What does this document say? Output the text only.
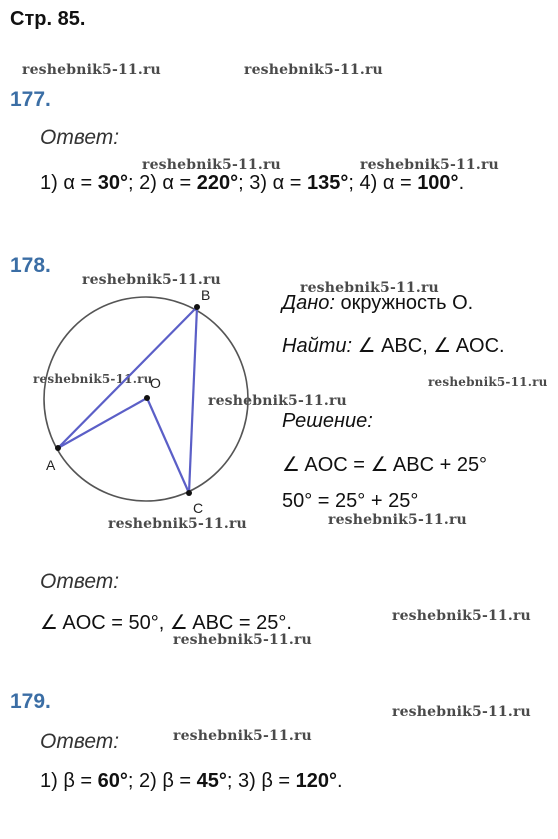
Стр. 85.
reshebnik5-11.ru	reshebnik5-11.ru
reshebnik5-11.ru	reshebnik5-11.ru
reshebnik5-11.ru	reshebnik5-11.ru
reshebnik5-11.ru	reshebnik5-11.ru
reshebnik5-11.ru
reshebnik5-11.ru	reshebnik5-11.ru
reshebnik5-11.ru
reshebnik5-11.ru
reshebnik5-11.ru
reshebnik5-11.ru
177.
Ответ:
1) α = 30°; 2) α = 220°; 3) α = 135°; 4) α = 100°.
178.
A
B
C
O
Дано: окружность O.
Найти: ∠ ABC, ∠ AOC.
Решение:
∠ AOC = ∠ ABC + 25°
50° = 25° + 25°
Ответ:
∠ AOC = 50°, ∠ ABC = 25°.
179.
Ответ:
1) β = 60°; 2) β = 45°; 3) β = 120°.
